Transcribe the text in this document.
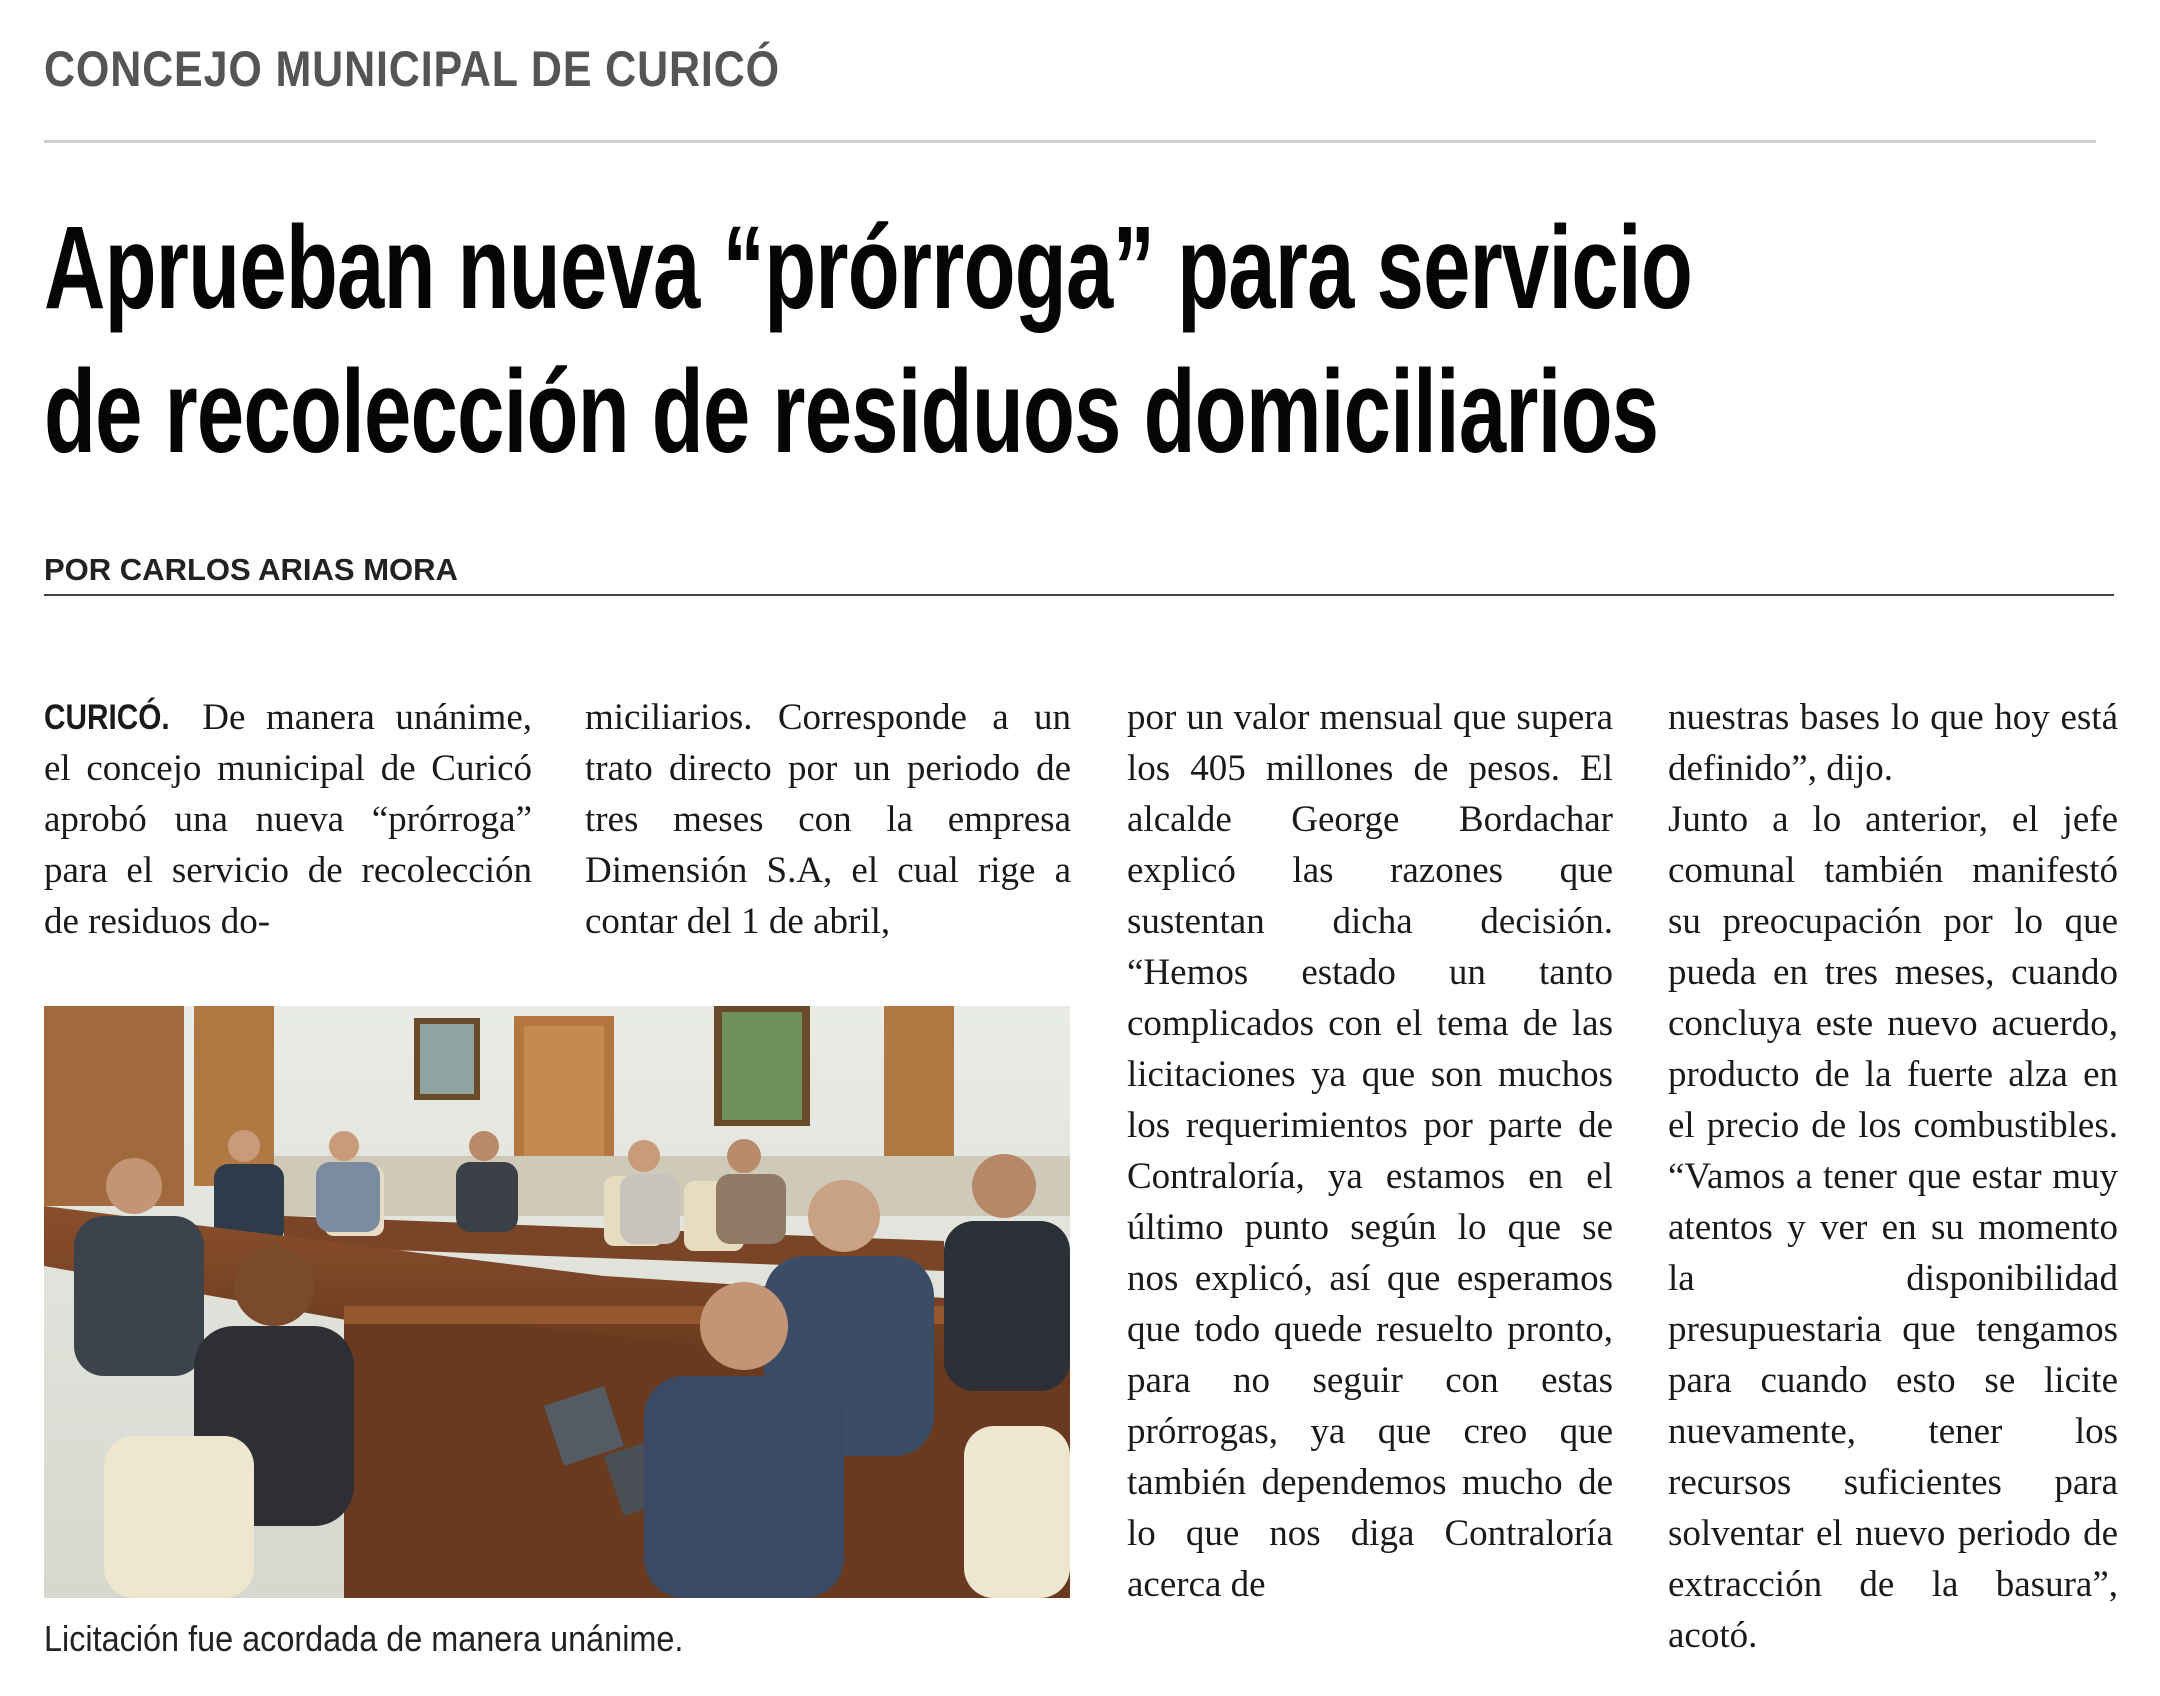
CONCEJO MUNICIPAL DE CURICÓ
Aprueban nueva “prórroga” para servicio
de recolección de residuos domiciliarios
POR CARLOS ARIAS MORA

CURICÓ. De manera unánime, el concejo municipal de Curicó aprobó una nueva “prórroga” para el servicio de recolección de residuos do-

miciliarios. Corresponde a un trato directo por un periodo de tres meses con la empresa Dimensión S.A, el cual rige a contar del 1 de abril,

por un valor mensual que supera los 405 millones de pesos. El alcalde George Bordachar explicó las razones que sustentan dicha decisión. “Hemos estado un tanto complicados con el tema de las licitaciones ya que son muchos los requerimientos por parte de Contraloría, ya estamos en el último punto según lo que se nos explicó, así que esperamos que todo quede resuelto pronto, para no seguir con estas prórrogas, ya que creo que también dependemos mucho de lo que nos diga Contraloría acerca de

nuestras bases lo que hoy está definido”, dijo.

Junto a lo anterior, el jefe comunal también manifestó su preocupación por lo que pueda en tres meses, cuando concluya este nuevo acuerdo, producto de la fuerte alza en el precio de los combustibles. “Vamos a tener que estar muy atentos y ver en su momento la disponibilidad presupuestaria que tengamos para cuando esto se licite nuevamente, tener los recursos suficientes para solventar el nuevo periodo de extracción de la basura”, acotó.

Licitación fue acordada de manera unánime.
